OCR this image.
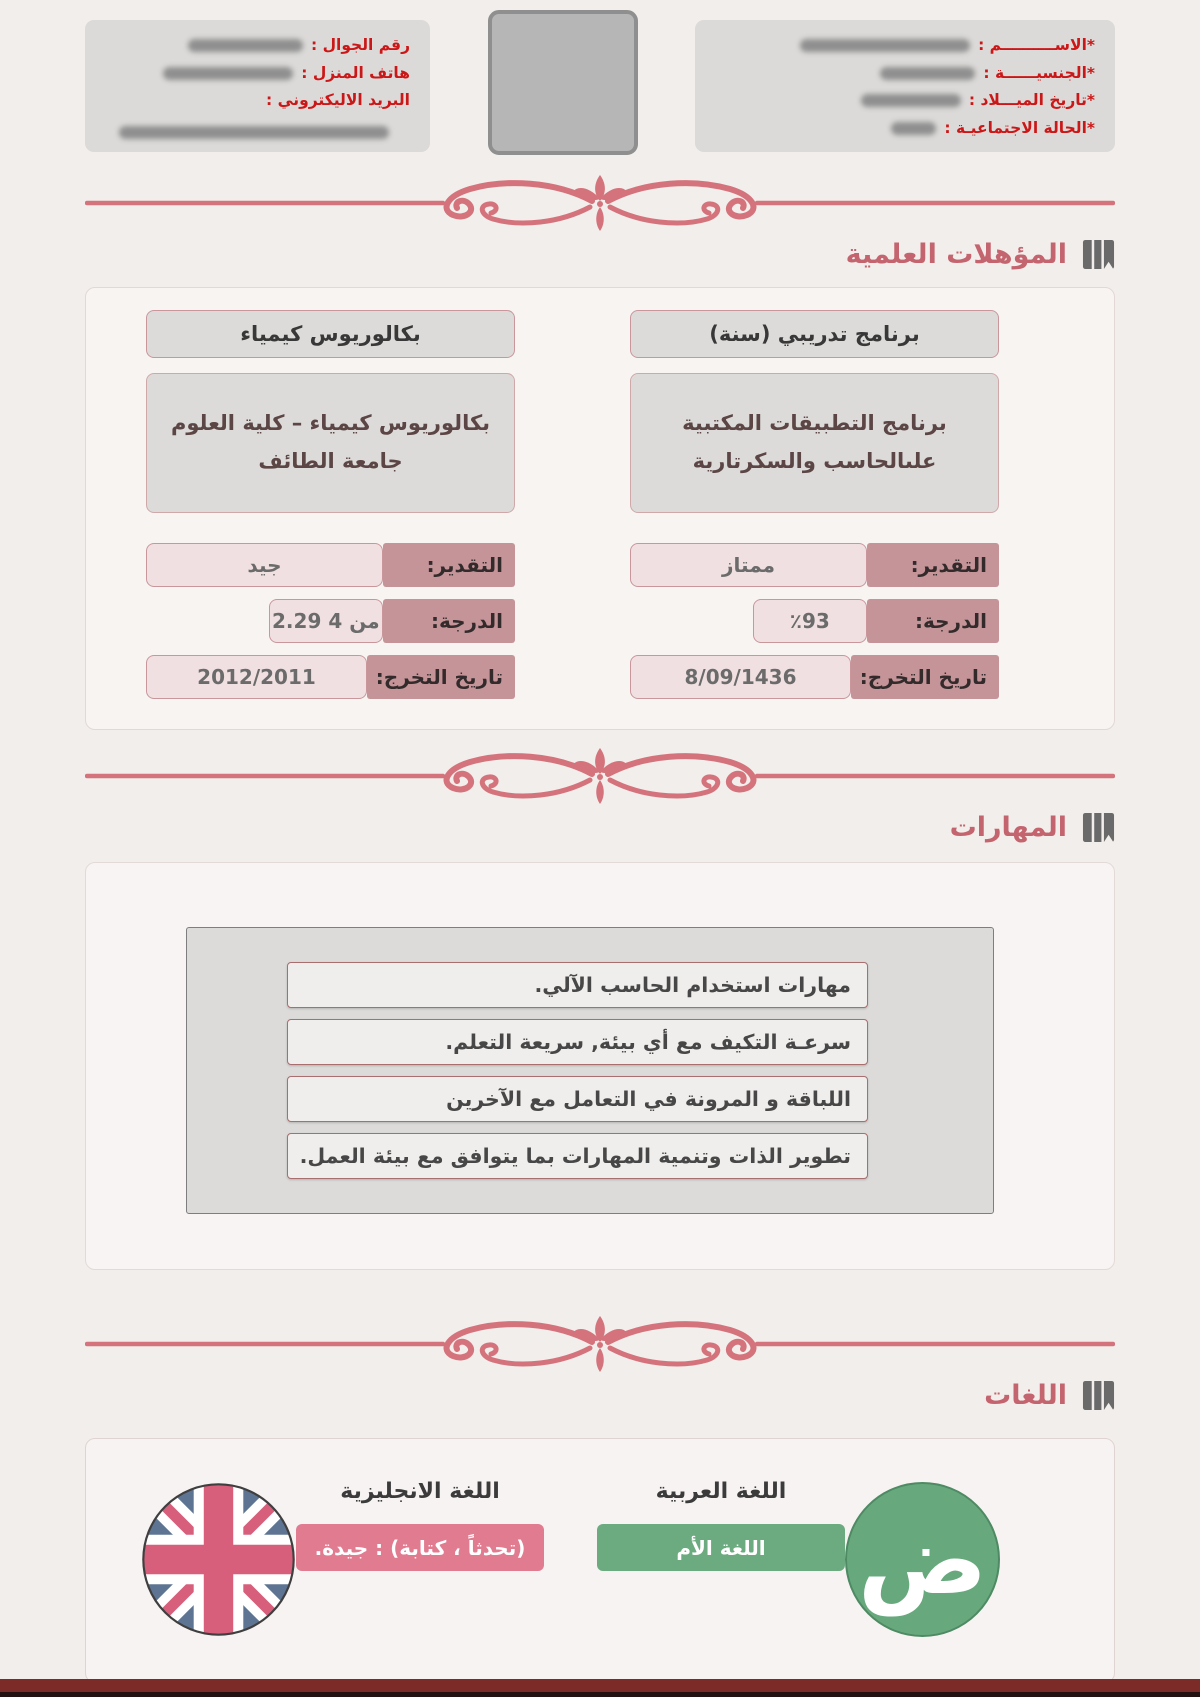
*الاســــــــــم :
*الجنسيــــــة :
*تاريخ الميـــلاد :
*الحالة الاجتماعيـة :
رقم الجوال :
هاتف المنزل :
البريد الاليكتروني :
المؤهلات العلمية
برنامج تدريبي (سنة)
برنامج التطبيقات المكتبية علىالحاسب والسكرتارية
التقدير:
ممتاز
الدرجة:
٪93
تاريخ التخرج:
8/09/1436
بكالوريوس كيمياء
بكالوريوس كيمياء – كلية العلوم جامعة الطائف
التقدير:
جيد
الدرجة:
2.29 من 4
تاريخ التخرج:
2012/2011
المهارات
مهارات استخدام الحاسب الآلي.
سرعـة التكيف مع أي بيئة, سريعة التعلم.
اللباقة و المرونة في التعامل مع الآخرين
تطوير الذات وتنمية المهارات بما يتوافق مع بيئة العمل.
اللغات
ض
اللغة العربية
اللغة الأم
اللغة الانجليزية
(تحدثاً ، كتابة) : جيدة.
